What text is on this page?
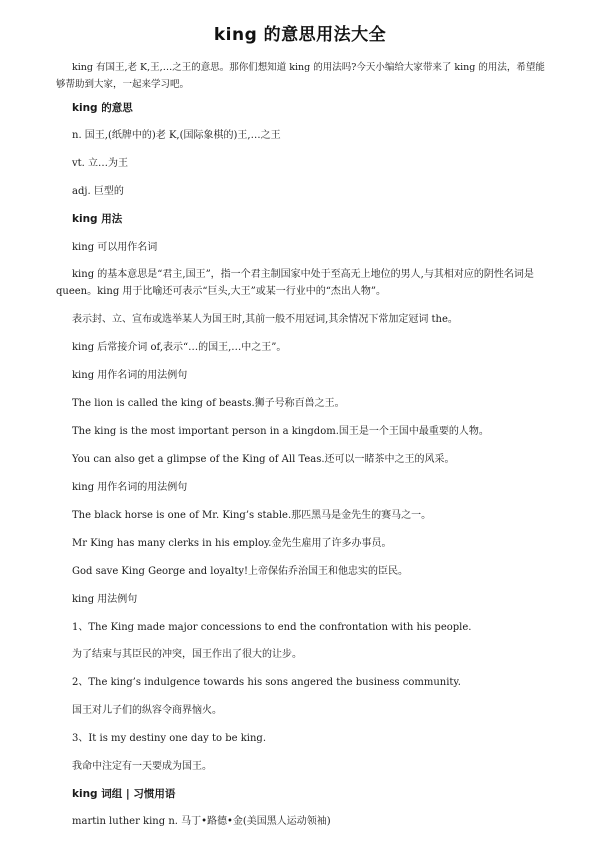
king 的意思用法大全
king 有国王,老 K,王,…之王的意思。那你们想知道 king 的用法吗?今天小编给大家带来了 king 的用法，希望能够帮助到大家，一起来学习吧。
king 的意思
n. 国王,(纸牌中的)老 K,(国际象棋的)王,…之王
vt. 立…为王
adj. 巨型的
king 用法
king 可以用作名词
king 的基本意思是“君主,国王”，指一个君主制国家中处于至高无上地位的男人,与其相对应的阴性名词是 queen。king 用于比喻还可表示“巨头,大王”或某一行业中的“杰出人物”。
表示封、立、宣布或选举某人为国王时,其前一般不用冠词,其余情况下常加定冠词 the。
king 后常接介词 of,表示“…的国王,…中之王”。
king 用作名词的用法例句
The lion is called the king of beasts.狮子号称百兽之王。
The king is the most important person in a kingdom.国王是一个王国中最重要的人物。
You can also get a glimpse of the King of All Teas.还可以一睹茶中之王的风采。
king 用作名词的用法例句
The black horse is one of Mr. King’s stable.那匹黑马是金先生的赛马之一。
Mr King has many clerks in his employ.金先生雇用了许多办事员。
God save King George and loyalty!上帝保佑乔治国王和他忠实的臣民。
king 用法例句
1、The King made major concessions to end the confrontation with his people.
为了结束与其臣民的冲突，国王作出了很大的让步。
2、The king’s indulgence towards his sons angered the business community.
国王对儿子们的纵容令商界恼火。
3、It is my destiny one day to be king.
我命中注定有一天要成为国王。
king 词组 | 习惯用语
martin luther king n. 马丁•路德•金(美国黑人运动领袖)
